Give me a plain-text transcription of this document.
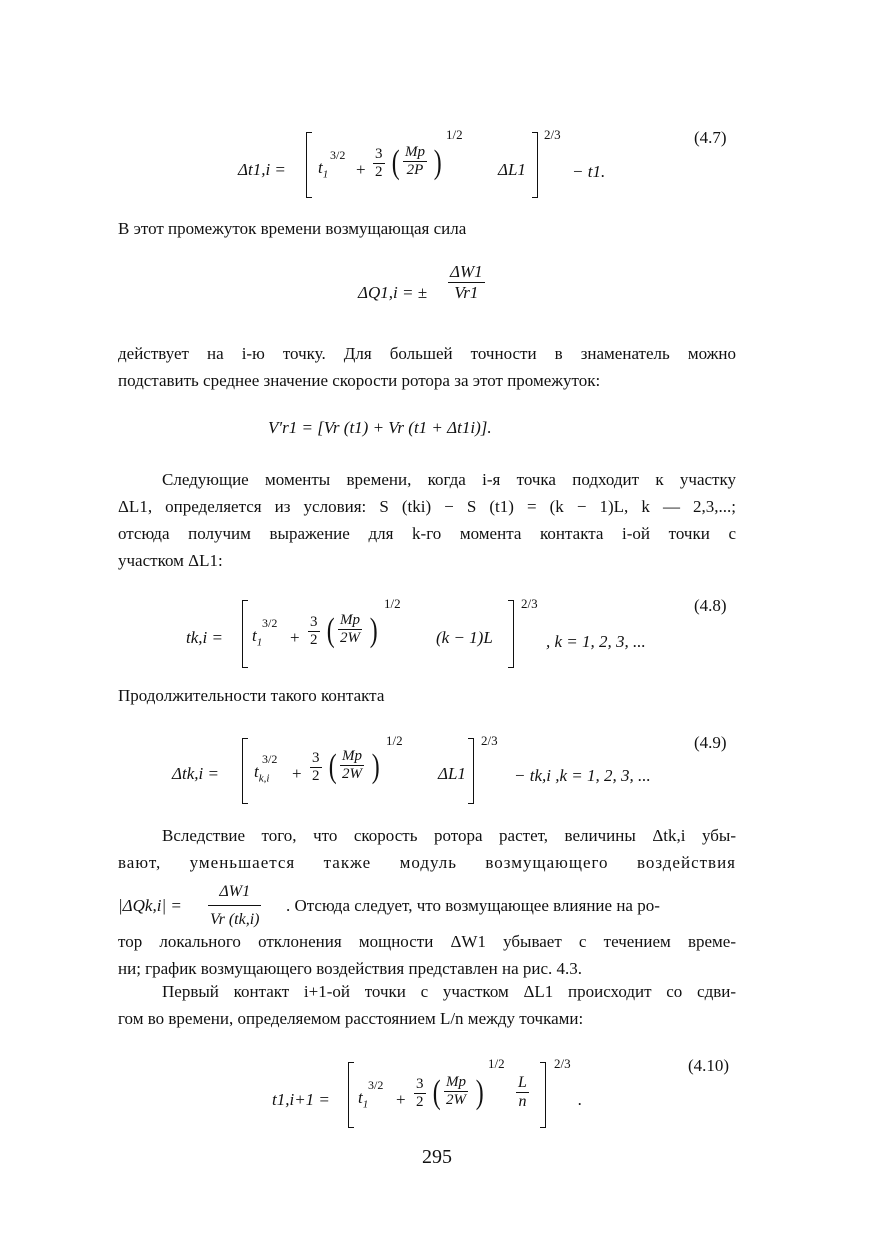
$\Delta t1,i = t_1$
3/2
+ $\frac{3}{2}$ ( $\frac{Mp}{2P}$ )
1/2
ΔL1
2/3
− t1.
(4.7)

В этот промежуток времени возмущающая сила

ΔQ1,i = ± $\frac{\Delta W1}{Vr1}$
действует на i-ю точку. Для большей точности в знаменатель можно
подставить среднее значение скорости ротора за этот промежуток:
V′r1 = [Vr (t1) + Vr (t1 + Δt1i)].
Следующие моменты времени, когда i-я точка подходит к участку
ΔL1, определяется из условия: S (tki) − S (t1) = (k − 1)L, k — 2,3,...;
отсюда получим выражение для k-го момента контакта i-ой точки с
участком ΔL1:
$tk,i = t_1$
3/2
+ $\frac{3}{2}$ ( $\frac{Mp}{2W}$ )
1/2
(k − 1)L
2/3
, k = 1, 2, 3, ...
(4.8)

Продолжительности такого контакта

$\Delta tk,i = t_{k,i}$
3/2
+ $\frac{3}{2}$ ( $\frac{Mp}{2W}$ )
1/2
ΔL1
2/3
− tk,i ,k = 1, 2, 3, ...
(4.9)
Вследствие того, что скорость ротора растет, величины Δtk,i убы-
вают, уменьшается также модуль возмущающего воздействия
$|\Delta Qk,i| = \frac{\Delta W1}{Vr (tk,i)}$ . Отсюда следует, что возмущающее влияние на ро-
тор локального отклонения мощности ΔW1 убывает с течением време-
ни; график возмущающего воздействия представлен на рис. 4.3.
Первый контакт i+1-ой точки с участком ΔL1 происходит со сдви-
гом во времени, определяемом расстоянием L/n между точками:
$t1,i+1 = t_1$
3/2
+ $\frac{3}{2}$ ( $\frac{Mp}{2W}$ )
1/2
$\frac{L}{n}$
2/3
.
(4.10)
295
